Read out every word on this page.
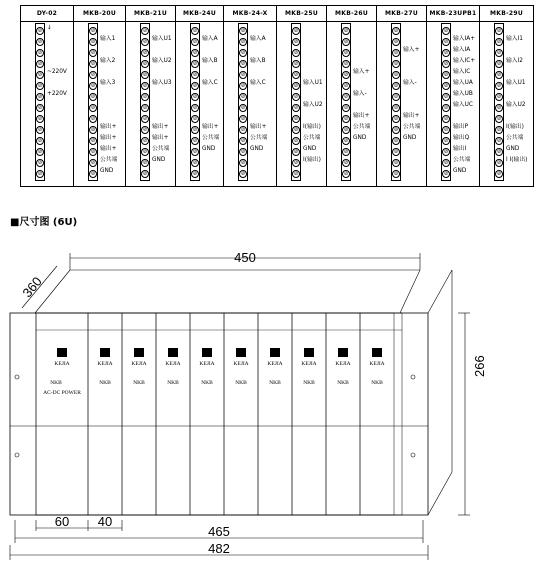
DY-02
⊘
⊘
⊘
⊘
⊘
⊘
⊘
⊘
⊘
⊘
⊘
⊘
⊘
⊘
↓
~220V
+220V
MKB-20U
⊘
⊘
⊘
⊘
⊘
⊘
⊘
⊘
⊘
⊘
⊘
⊘
⊘
⊘
输入1
输入2
输入3
输出+
输出+
输出+
公共端
GND
MKB-21U
⊘
⊘
⊘
⊘
⊘
⊘
⊘
⊘
⊘
⊘
⊘
⊘
⊘
⊘
输入U1
输入U2
输入U3
输出+
输出+
公共端
GND
MKB-24U
⊘
⊘
⊘
⊘
⊘
⊘
⊘
⊘
⊘
⊘
⊘
⊘
⊘
⊘
输入A
输入B
输入C
输出+
公共端
GND
MKB-24-X
⊘
⊘
⊘
⊘
⊘
⊘
⊘
⊘
⊘
⊘
⊘
⊘
⊘
⊘
输入A
输入B
输入C
输出+
公共端
GND
MKB-25U
⊘
⊘
⊘
⊘
⊘
⊘
⊘
⊘
⊘
⊘
⊘
⊘
⊘
⊘
输入U1
输入U2
I(输出)
公共端
GND
I(输出)
MKB-26U
⊘
⊘
⊘
⊘
⊘
⊘
⊘
⊘
⊘
⊘
⊘
⊘
⊘
⊘
输入+
输入-
输出+
公共端
GND
MKB-27U
⊘
⊘
⊘
⊘
⊘
⊘
⊘
⊘
⊘
⊘
⊘
⊘
⊘
⊘
输入+
输入-
输出+
公共端
GND
MKB-23UPB1
⊘
⊘
⊘
⊘
⊘
⊘
⊘
⊘
⊘
⊘
⊘
⊘
⊘
⊘
输入IA+
输入IA
输入IC+
输入IC
输入UA
输入UB
输入UC
输出P
输出Q
输出I
公共端
GND
MKB-29U
⊘
⊘
⊘
⊘
⊘
⊘
⊘
⊘
⊘
⊘
⊘
⊘
⊘
⊘
输入I1
输入I2
输入U1
输入U2
I(输出)
公共端
GND
I I(输出)
■尺寸图 (6U)
450
360
266
KEJIA
NKB
AC-DC POWER
KEJIA
NKB
KEJIA
NKB
KEJIA
NKB
KEJIA
NKB
KEJIA
NKB
KEJIA
NKB
KEJIA
NKB
KEJIA
NKB
KEJIA
NKB
60 40
465
482
